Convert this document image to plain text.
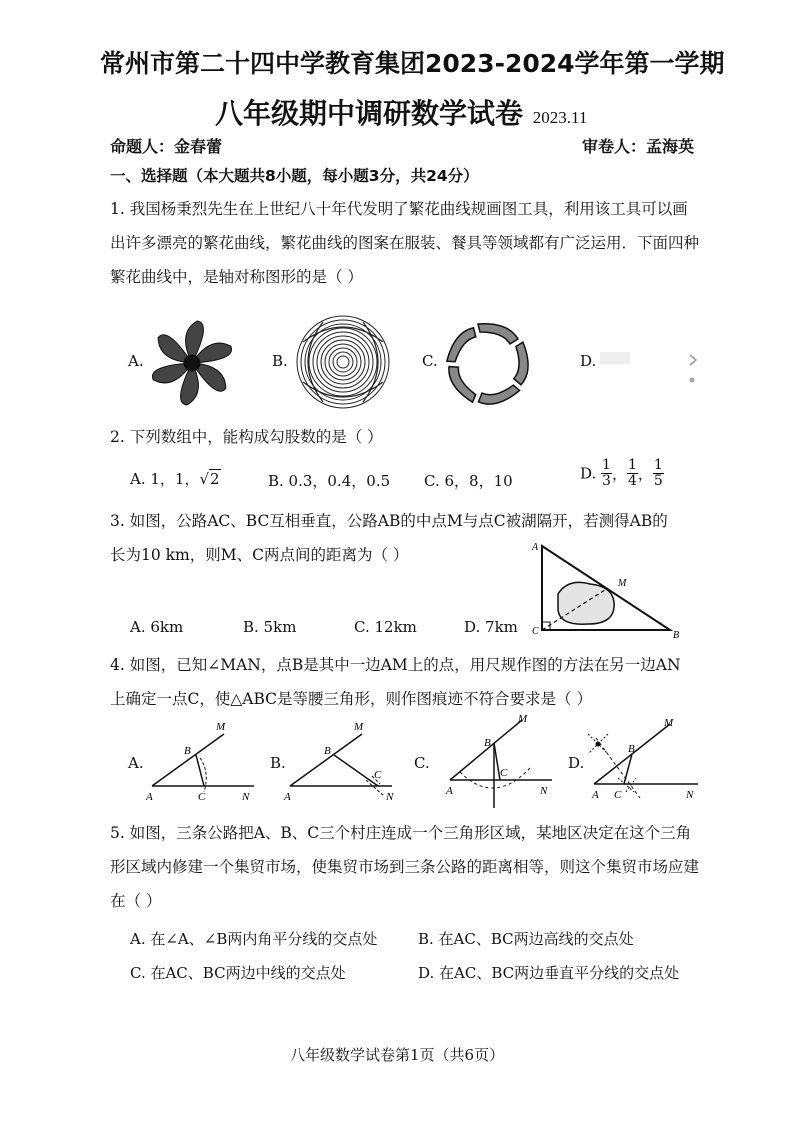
常州市第二十四中学教育集团2023-2024学年第一学期
八年级期中调研数学试卷 2023.11
命题人：金春蕾	审卷人：孟海英
一、选择题（本大题共8小题，每小题3分，共24分）
1. 我国杨秉烈先生在上世纪八十年代发明了繁花曲线规画图工具，利用该工具可以画
出许多漂亮的繁花曲线，繁花曲线的图案在服装、餐具等领域都有广泛运用．下面四种
繁花曲线中，是轴对称图形的是（ ）
A.	B.	C.	D.
2. 下列数组中，能构成勾股数的是（ ）
A. 1，1，√2	B. 0.3，0.4，0.5 C. 6，8，10	D. $\frac{1}{3}$ ， $\frac{1}{4}$ ， $\frac{1}{5}$
3. 如图，公路AC、BC互相垂直，公路AB的中点M与点C被湖隔开，若测得AB的
长为10 km，则M、C两点间的距离为（ ）
A. 6km	B. 5km	C. 12km	D. 7km
A
C	B
M
4. 如图，已知∠MAN，点B是其中一边AM上的点，用尺规作图的方法在另一边AN
上确定一点C，使△ABC是等腰三角形，则作图痕迹不符合要求是（ ）
A.
M
B
A	C	N
B.
M
B
A
C
N
C.
M
B
A
C
N
D.
M
B
A C	N
5. 如图，三条公路把A、B、C三个村庄连成一个三角形区域，某地区决定在这个三角
形区域内修建一个集贸市场，使集贸市场到三条公路的距离相等，则这个集贸市场应建
在（ ）
A. 在∠A、∠B两内角平分线的交点处	B. 在AC、BC两边高线的交点处
C. 在AC、BC两边中线的交点处	D. 在AC、BC两边垂直平分线的交点处
八年级数学试卷第1页（共6页）
